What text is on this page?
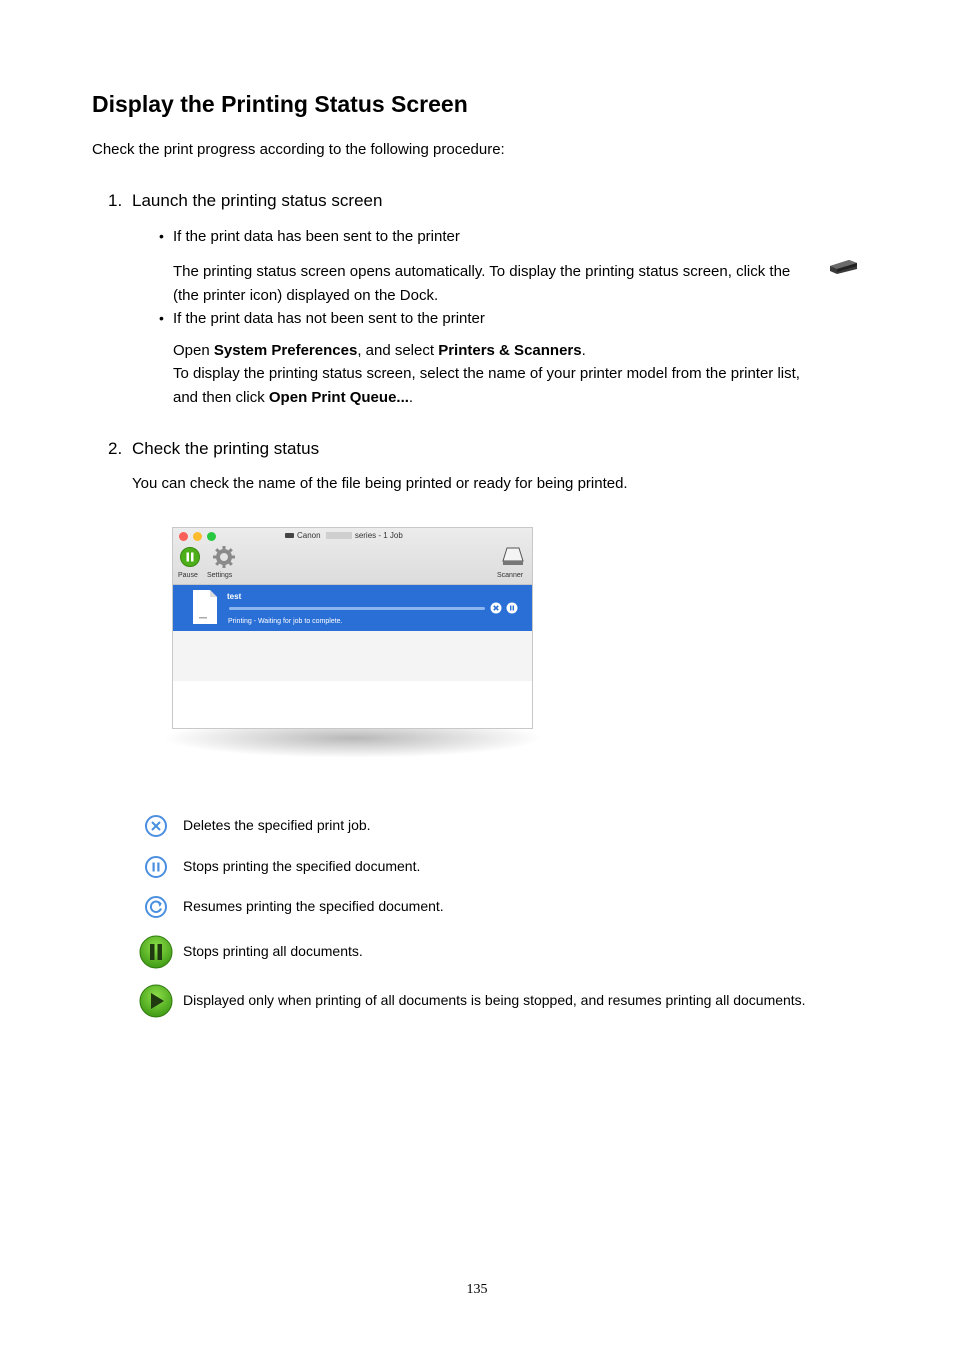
Display the Printing Status Screen
Check the print progress according to the following procedure:
1. Launch the printing status screen
• If the print data has been sent to the printer
The printing status screen opens automatically. To display the printing status screen, click the
(the printer icon) displayed on the Dock.
• If the print data has not been sent to the printer
Open System Preferences, and select Printers & Scanners.
To display the printing status screen, select the name of your printer model from the printer list,
and then click Open Print Queue....
2. Check the printing status
You can check the name of the file being printed or ready for being printed.
Canon	series - 1 Job
Pause Settings	Scanner
test
Printing - Waiting for job to complete.
Deletes the specified print job.
Stops printing the specified document.
Resumes printing the specified document.
Stops printing all documents.
Displayed only when printing of all documents is being stopped, and resumes printing all documents.
135
